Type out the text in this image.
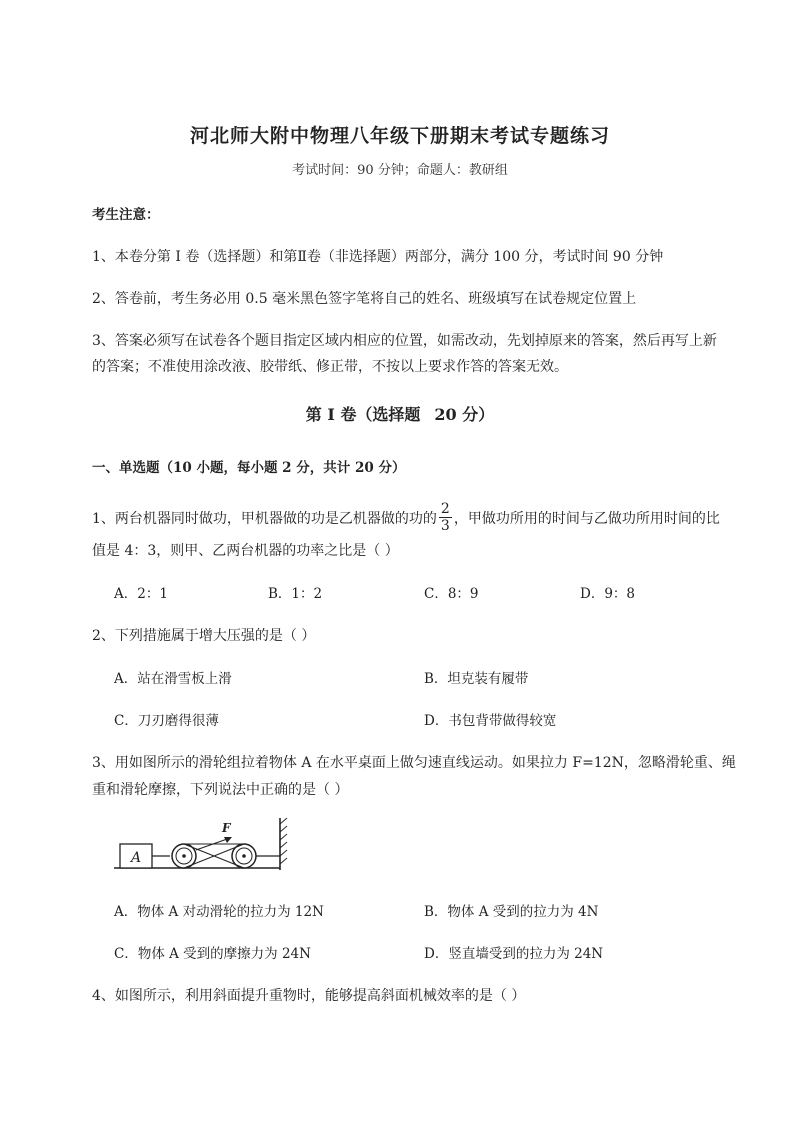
河北师大附中物理八年级下册期末考试专题练习
考试时间：90 分钟；命题人：教研组
考生注意：
1、本卷分第 I 卷（选择题）和第Ⅱ卷（非选择题）两部分，满分 100 分，考试时间 90 分钟
2、答卷前，考生务必用 0.5 毫米黑色签字笔将自己的姓名、班级填写在试卷规定位置上
3、答案必须写在试卷各个题目指定区域内相应的位置，如需改动，先划掉原来的答案，然后再写上新
的答案；不准使用涂改液、胶带纸、修正带，不按以上要求作答的答案无效。
第 I 卷（选择题 20 分）
一、单选题（10 小题，每小题 2 分，共计 20 分）
1、两台机器同时做功，甲机器做的功是乙机器做的功的 $\frac{2}{3}$ ，甲做功所用的时间与乙做功所用时间的比
值是 4：3，则甲、乙两台机器的功率之比是（ ）
A．2：1	B．1：2	C．8：9	D．9：8
2、下列措施属于增大压强的是（ ）
A．站在滑雪板上滑	B．坦克装有履带
C．刀刃磨得很薄	D．书包背带做得较宽
3、用如图所示的滑轮组拉着物体 A 在水平桌面上做匀速直线运动。如果拉力 F=12N，忽略滑轮重、绳
重和滑轮摩擦，下列说法中正确的是（ ）
A
F
A．物体 A 对动滑轮的拉力为 12N	B．物体 A 受到的拉力为 4N
C．物体 A 受到的摩擦力为 24N	D．竖直墙受到的拉力为 24N
4、如图所示，利用斜面提升重物时，能够提高斜面机械效率的是（ ）
